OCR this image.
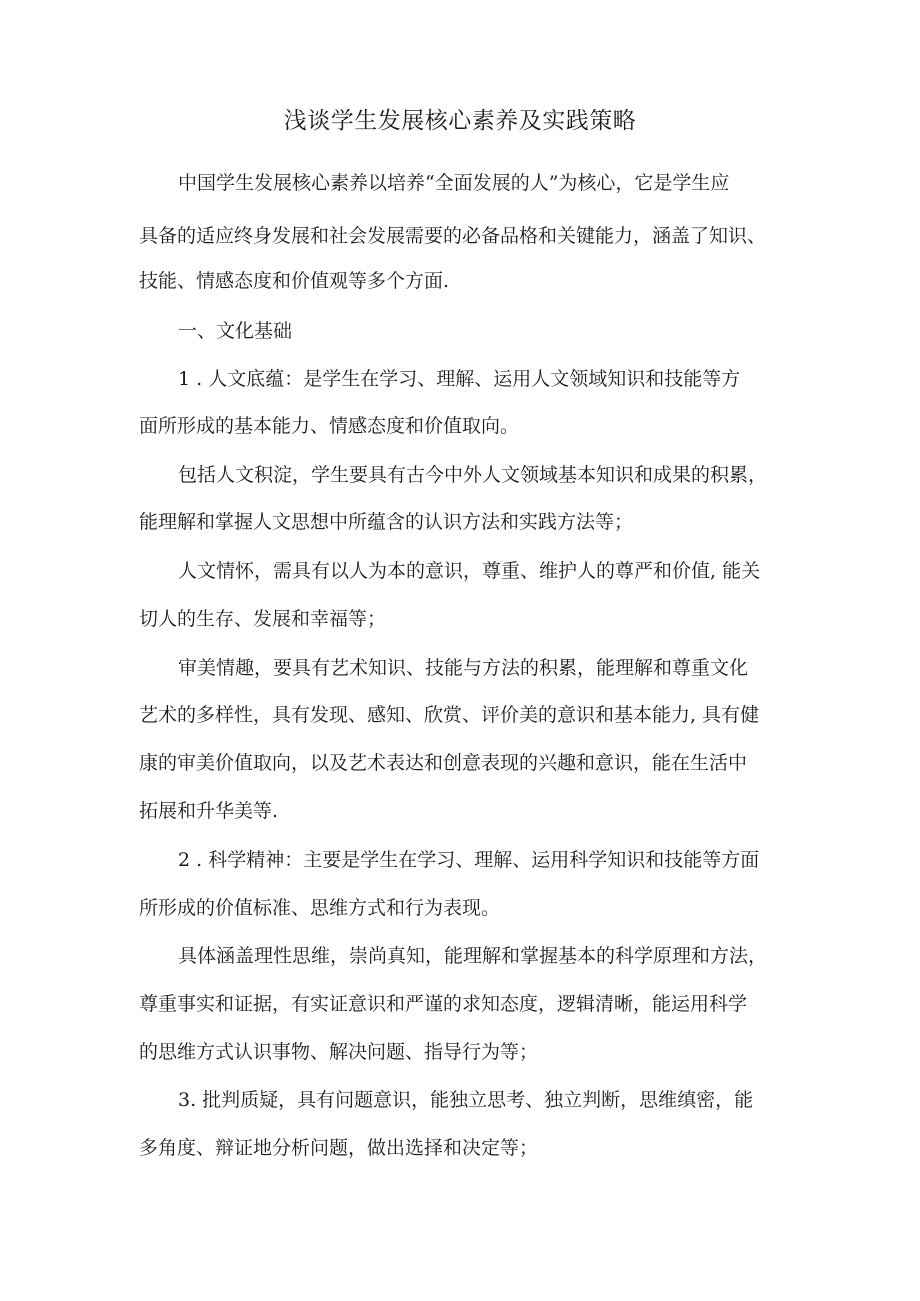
浅谈学生发展核心素养及实践策略
中国学生发展核心素养以培养“全面发展的人”为核心，它是学生应
具备的适应终身发展和社会发展需要的必备品格和关键能力，涵盖了知识、
技能、情感态度和价值观等多个方面.
一、文化基础
1 . 人文底蕴：是学生在学习、理解、运用人文领域知识和技能等方
面所形成的基本能力、情感态度和价值取向。
包括人文积淀，学生要具有古今中外人文领域基本知识和成果的积累，
能理解和掌握人文思想中所蕴含的认识方法和实践方法等；
人文情怀，需具有以人为本的意识，尊重、维护人的尊严和价值, 能关
切人的生存、发展和幸福等；
审美情趣，要具有艺术知识、技能与方法的积累，能理解和尊重文化
艺术的多样性，具有发现、感知、欣赏、评价美的意识和基本能力, 具有健
康的审美价值取向，以及艺术表达和创意表现的兴趣和意识，能在生活中
拓展和升华美等.
2 . 科学精神：主要是学生在学习、理解、运用科学知识和技能等方面
所形成的价值标准、思维方式和行为表现。
具体涵盖理性思维，崇尚真知，能理解和掌握基本的科学原理和方法，
尊重事实和证据，有实证意识和严谨的求知态度，逻辑清晰，能运用科学
的思维方式认识事物、解决问题、指导行为等；
3. 批判质疑，具有问题意识，能独立思考、独立判断，思维缜密，能
多角度、辩证地分析问题，做出选择和决定等；
